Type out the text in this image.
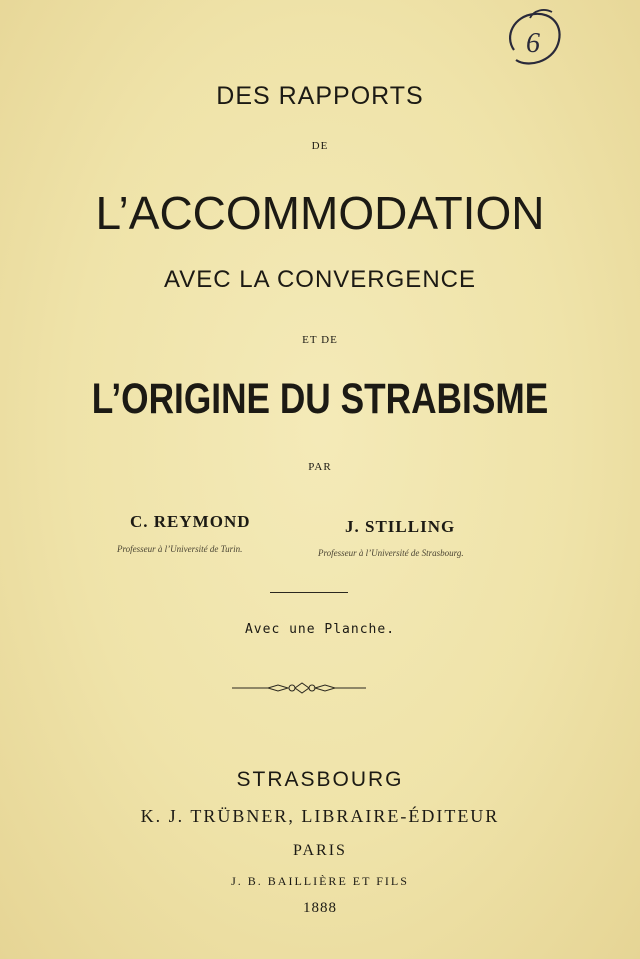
6
DES RAPPORTS
DE
L’ACCOMMODATION
AVEC LA CONVERGENCE
ET DE
L’ORIGINE DU STRABISME
PAR
C. REYMOND	J. STILLING
Professeur à l’Université de Turin.	Professeur à l’Université de Strasbourg.
Avec une Planche.
STRASBOURG
K. J. TRÜBNER, LIBRAIRE-ÉDITEUR
PARIS
J. B. BAILLIÈRE ET FILS
1888
